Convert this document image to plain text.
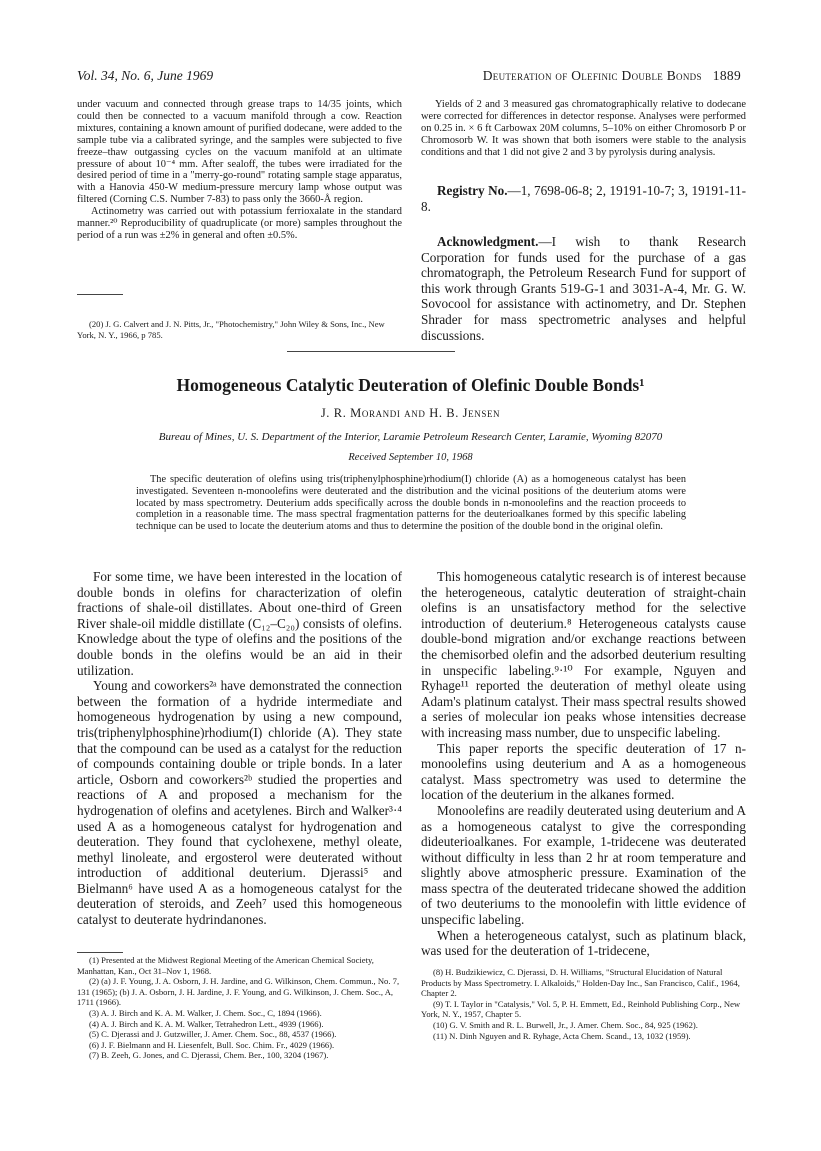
Vol. 34, No. 6, June 1969	Deuteration of Olefinic Double Bonds 1889

under vacuum and connected through grease traps to 14/35 joints, which could then be connected to a vacuum manifold through a cow. Reaction mixtures, containing a known amount of purified dodecane, were added to the sample tube via a calibrated syringe, and the samples were subjected to five freeze–thaw outgassing cycles on the vacuum manifold at an ultimate pressure of about 10⁻⁴ mm. After sealoff, the tubes were irradiated for the desired period of time in a "merry-go-round" rotating sample stage apparatus, with a Hanovia 450-W medium-pressure mercury lamp whose output was filtered (Corning C.S. Number 7-83) to pass only the 3660-Å region.

Actinometry was carried out with potassium ferrioxalate in the standard manner.²⁰ Reproducibility of quadruplicate (or more) samples throughout the period of a run was ±2% in general and often ±0.5%.

(20) J. G. Calvert and J. N. Pitts, Jr., "Photochemistry," John Wiley & Sons, Inc., New York, N. Y., 1966, p 785.

Yields of 2 and 3 measured gas chromatographically relative to dodecane were corrected for differences in detector response. Analyses were performed on 0.25 in. × 6 ft Carbowax 20M columns, 5–10% on either Chromosorb P or Chromosorb W. It was shown that both isomers were stable to the analysis conditions and that 1 did not give 2 and 3 by pyrolysis during analysis.

Registry No.—1, 7698-06-8; 2, 19191-10-7; 3, 19191-11-8.

Acknowledgment.—I wish to thank Research Corporation for funds used for the purchase of a gas chromatograph, the Petroleum Research Fund for support of this work through Grants 519-G-1 and 3031-A-4, Mr. G. W. Sovocool for assistance with actinometry, and Dr. Stephen Shrader for mass spectrometric analyses and helpful discussions.

Homogeneous Catalytic Deuteration of Olefinic Double Bonds¹
J. R. Morandi and H. B. Jensen
Bureau of Mines, U. S. Department of the Interior, Laramie Petroleum Research Center, Laramie, Wyoming 82070
Received September 10, 1968
The specific deuteration of olefins using tris(triphenylphosphine)rhodium(I) chloride (A) as a homogeneous catalyst has been investigated. Seventeen n-monoolefins were deuterated and the distribution and the vicinal positions of the deuterium atoms were located by mass spectrometry. Deuterium adds specifically across the double bonds in n-monoolefins and the reaction proceeds to completion in a reasonable time. The mass spectral fragmentation patterns for the deuterioalkanes formed by this specific labeling technique can be used to locate the deuterium atoms and thus to determine the position of the double bond in the original olefin.

For some time, we have been interested in the location of double bonds in olefins for characterization of olefin fractions of shale-oil distillates. About one-third of Green River shale-oil middle distillate (C₁₂–C₂₀) consists of olefins. Knowledge about the type of olefins and the positions of the double bonds in the olefins would be an aid in their utilization.

Young and coworkers²ᵃ have demonstrated the connection between the formation of a hydride intermediate and homogeneous hydrogenation by using a new compound, tris(triphenylphosphine)rhodium(I) chloride (A). They state that the compound can be used as a catalyst for the reduction of compounds containing double or triple bonds. In a later article, Osborn and coworkers²ᵇ studied the properties and reactions of A and proposed a mechanism for the hydrogenation of olefins and acetylenes. Birch and Walker³·⁴ used A as a homogeneous catalyst for hydrogenation and deuteration. They found that cyclohexene, methyl oleate, methyl linoleate, and ergosterol were deuterated without introduction of additional deuterium. Djerassi⁵ and Bielmann⁶ have used A as a homogeneous catalyst for the deuteration of steroids, and Zeeh⁷ used this homogeneous catalyst to deuterate hydrindanones.

This homogeneous catalytic research is of interest because the heterogeneous, catalytic deuteration of straight-chain olefins is an unsatisfactory method for the selective introduction of deuterium.⁸ Heterogeneous catalysts cause double-bond migration and/or exchange reactions between the chemisorbed olefin and the adsorbed deuterium resulting in unspecific labeling.⁹·¹⁰ For example, Nguyen and Ryhage¹¹ reported the deuteration of methyl oleate using Adam's platinum catalyst. Their mass spectral results showed a series of molecular ion peaks whose intensities decrease with increasing mass number, due to unspecific labeling.

This paper reports the specific deuteration of 17 n-monoolefins using deuterium and A as a homogeneous catalyst. Mass spectrometry was used to determine the location of the deuterium in the alkanes formed.

Monoolefins are readily deuterated using deuterium and A as a homogeneous catalyst to give the corresponding dideuterioalkanes. For example, 1-tridecene was deuterated without difficulty in less than 2 hr at room temperature and slightly above atmospheric pressure. Examination of the mass spectra of the deuterated tridecane showed the addition of two deuteriums to the monoolefin with little evidence of unspecific labeling.

When a heterogeneous catalyst, such as platinum black, was used for the deuteration of 1-tridecene,

(1) Presented at the Midwest Regional Meeting of the American Chemical Society, Manhattan, Kan., Oct 31–Nov 1, 1968.
(2) (a) J. F. Young, J. A. Osborn, J. H. Jardine, and G. Wilkinson, Chem. Commun., No. 7, 131 (1965); (b) J. A. Osborn, J. H. Jardine, J. F. Young, and G. Wilkinson, J. Chem. Soc., A, 1711 (1966).
(3) A. J. Birch and K. A. M. Walker, J. Chem. Soc., C, 1894 (1966).
(4) A. J. Birch and K. A. M. Walker, Tetrahedron Lett., 4939 (1966).
(5) C. Djerassi and J. Gutzwiller, J. Amer. Chem. Soc., 88, 4537 (1966).
(6) J. F. Bielmann and H. Liesenfelt, Bull. Soc. Chim. Fr., 4029 (1966).
(7) B. Zeeh, G. Jones, and C. Djerassi, Chem. Ber., 100, 3204 (1967).
(8) H. Budzikiewicz, C. Djerassi, D. H. Williams, "Structural Elucidation of Natural Products by Mass Spectrometry. I. Alkaloids," Holden-Day Inc., San Francisco, Calif., 1964, Chapter 2.
(9) T. I. Taylor in "Catalysis," Vol. 5, P. H. Emmett, Ed., Reinhold Publishing Corp., New York, N. Y., 1957, Chapter 5.
(10) G. V. Smith and R. L. Burwell, Jr., J. Amer. Chem. Soc., 84, 925 (1962).
(11) N. Dinh Nguyen and R. Ryhage, Acta Chem. Scand., 13, 1032 (1959).
